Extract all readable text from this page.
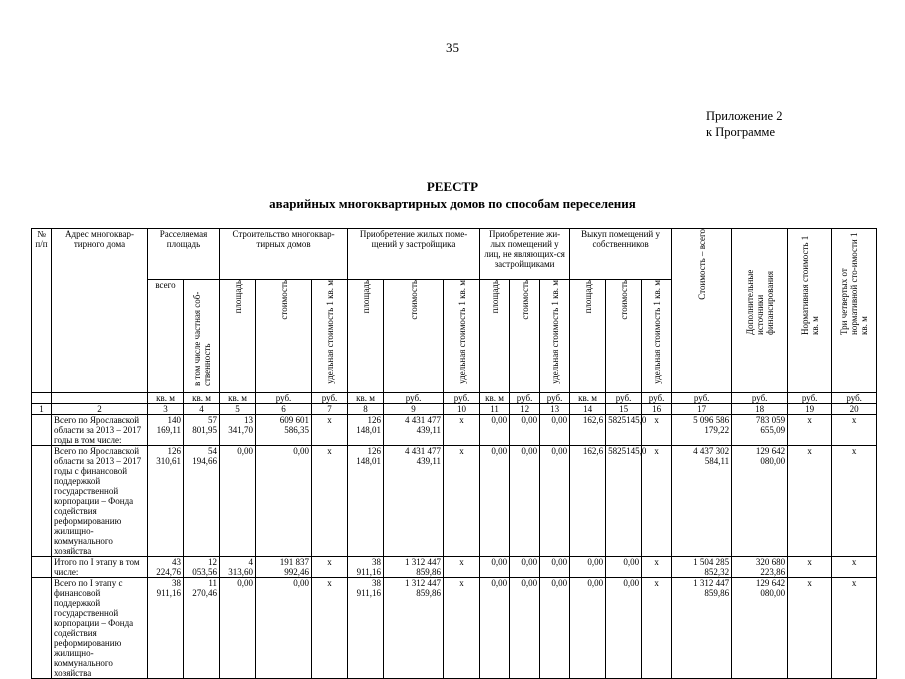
35
Приложение 2
к Программе
РЕЕСТР
аварийных многоквартирных домов по способам переселения
№ п/п	Адрес многоквар-тирного дома	Расселяемая площадь		Строительство многоквар-тирных домов			Приобретение жилых поме-щений у застройщика			Приобретение жи-лых помещений у лиц, не являющих-ся застройщиками			Выкуп помещений у собственников			Стоимость – всего	Дополнительные источники финансирования	Нормативная стоимость 1 кв. м	Три четвертых от нормативной сто-имости 1 кв. м
		всего	в том числе частная соб-ственность	площадь	стоимость	удельная стоимость 1 кв. м	площадь	стоимость	удельная стоимость 1 кв. м	площадь	стоимость	удельная стоимость 1 кв. м	площадь	стоимость	удельная стоимость 1 кв. м				
		кв. м	кв. м	кв. м	руб.	руб.	кв. м	руб.	руб.	кв. м	руб.	руб.	кв. м	руб.	руб.	руб.	руб.	руб.	руб.
1	2	3	4	5	6	7	8	9	10	11	12	13	14	15	16	17	18	19	20
	Всего по Ярославской области за 2013 – 2017 годы в том числе:	140 169,11	57 801,95	13 341,70	609 601 586,35	x	126 148,01	4 431 477 439,11	x	0,00	0,00	0,00	162,6	5825145,0	x	5 096 586 179,22	783 059 655,09	x	x
	Всего по Ярославской области за 2013 – 2017 годы с финансовой поддержкой государственной корпорации – Фонда содействия реформированию жилищно-коммунального хозяйства	126 310,61	54 194,66	0,00	0,00	x	126 148,01	4 431 477 439,11	x	0,00	0,00	0,00	162,6	5825145,0	x	4 437 302 584,11	129 642 080,00	x	x
	Итого по I этапу в том числе:	43 224,76	12 053,56	4 313,60	191 837 992,46	x	38 911,16	1 312 447 859,86	x	0,00	0,00	0,00	0,00	0,00	x	1 504 285 852,32	320 680 223,86	x	x
	Всего по I этапу с финансовой поддержкой государственной корпорации – Фонда содействия реформированию жилищно-коммунального хозяйства	38 911,16	11 270,46	0,00	0,00	x	38 911,16	1 312 447 859,86	x	0,00	0,00	0,00	0,00	0,00	x	1 312 447 859,86	129 642 080,00	x	x
